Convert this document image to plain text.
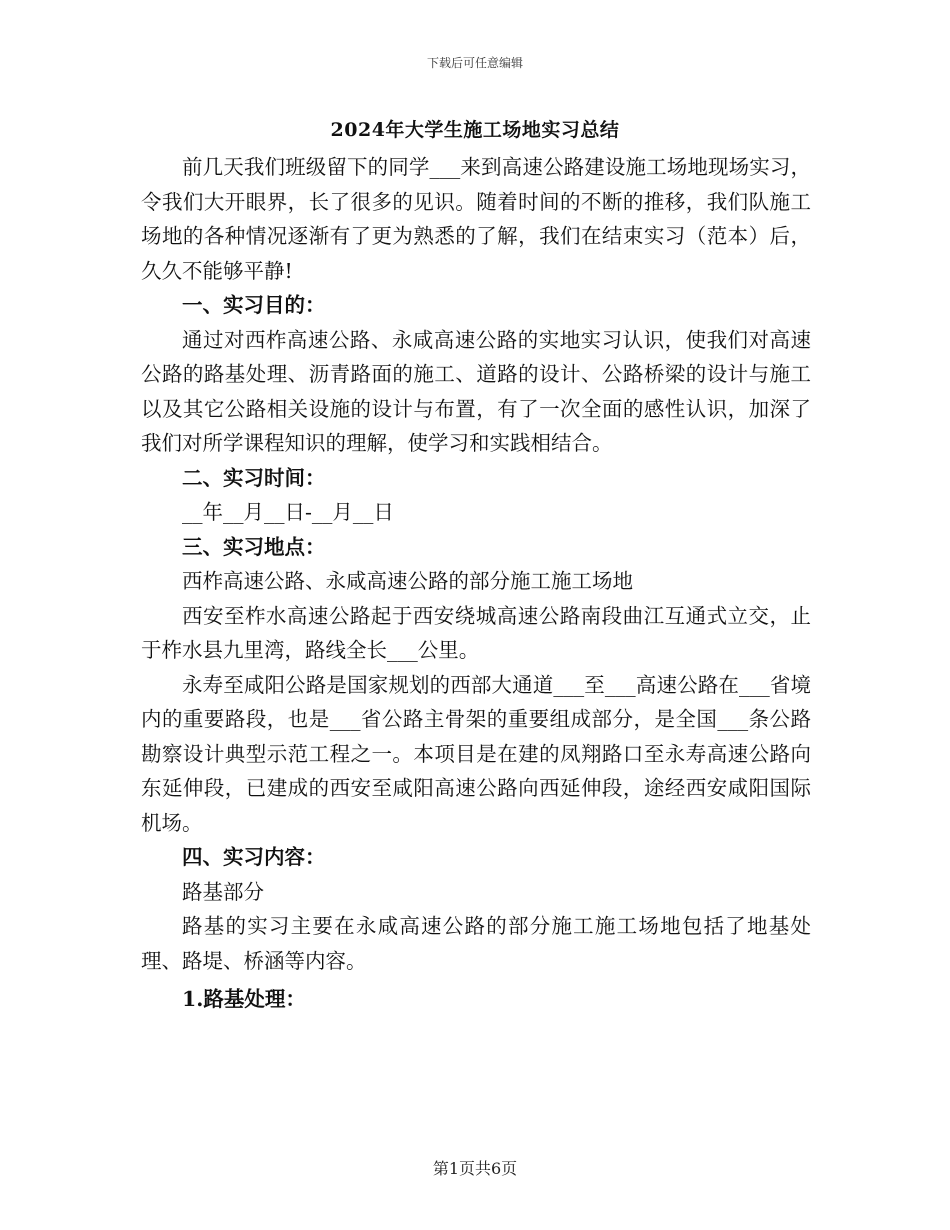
下载后可任意编辑
2024年大学生施工场地实习总结

前几天我们班级留下的同学___来到高速公路建设施工场地现场实习，令我们大开眼界，长了很多的见识。随着时间的不断的推移，我们队施工场地的各种情况逐渐有了更为熟悉的了解，我们在结束实习（范本）后，久久不能够平静!

一、实习目的：

通过对西柞高速公路、永咸高速公路的实地实习认识，使我们对高速公路的路基处理、沥青路面的施工、道路的设计、公路桥梁的设计与施工以及其它公路相关设施的设计与布置，有了一次全面的感性认识，加深了我们对所学课程知识的理解，使学习和实践相结合。

二、实习时间：

__年__月__日-__月__日

三、实习地点：

西柞高速公路、永咸高速公路的部分施工施工场地

西安至柞水高速公路起于西安绕城高速公路南段曲江互通式立交，止于柞水县九里湾，路线全长___公里。

永寿至咸阳公路是国家规划的西部大通道___至___高速公路在___省境内的重要路段，也是___省公路主骨架的重要组成部分，是全国___条公路勘察设计典型示范工程之一。本项目是在建的凤翔路口至永寿高速公路向东延伸段，已建成的西安至咸阳高速公路向西延伸段，途经西安咸阳国际机场。

四、实习内容：

路基部分

路基的实习主要在永咸高速公路的部分施工施工场地包括了地基处理、路堤、桥涵等内容。

1.路基处理：

第1页共6页
